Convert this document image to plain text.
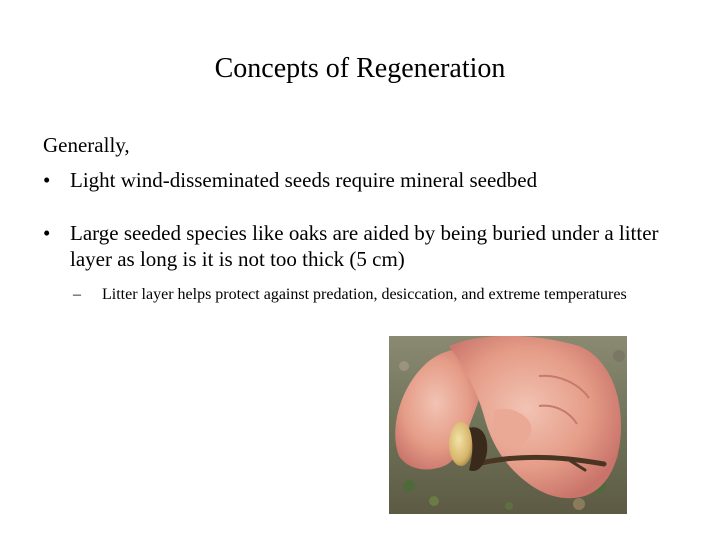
Concepts of Regeneration
Generally,
• Light wind-disseminated seeds require mineral seedbed
• Large seeded species like oaks are aided by being buried under a litter layer as long is it is not too thick (5 cm)
– Litter layer helps protect against predation, desiccation, and extreme temperatures
